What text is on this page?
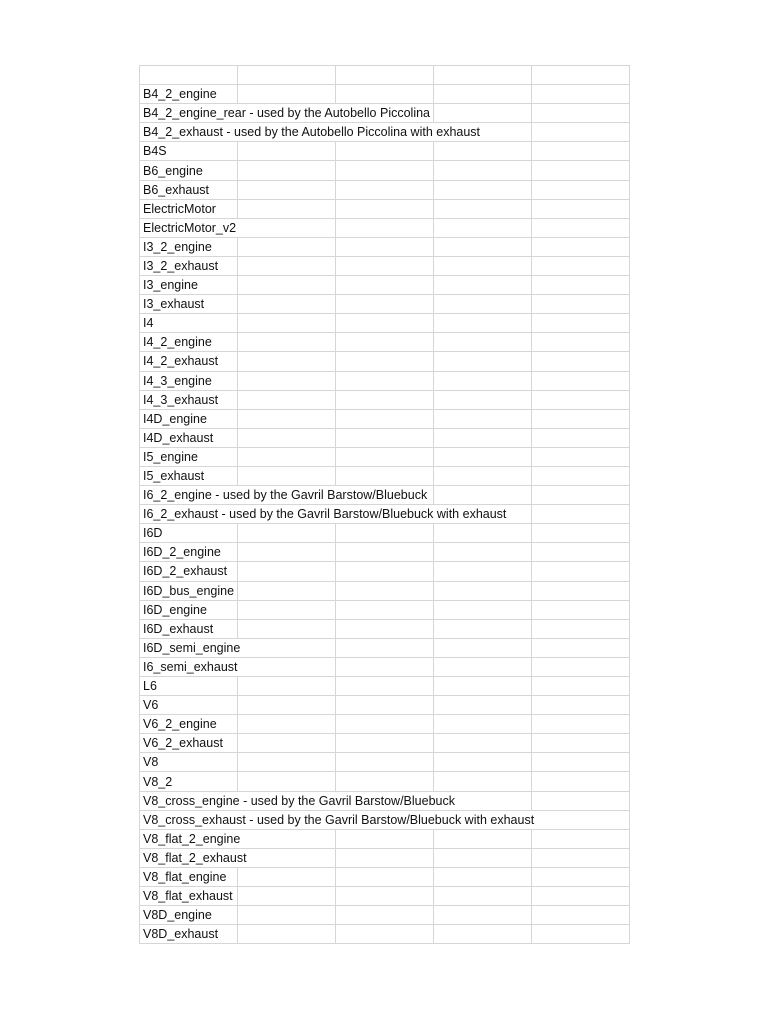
B4_2_engine				
B4_2_engine_rear - used by the Autobello Piccolina				
B4_2_exhaust - used by the Autobello Piccolina with exhaust				
B4S				
B6_engine				
B6_exhaust				
ElectricMotor				
ElectricMotor_v2				
I3_2_engine				
I3_2_exhaust				
I3_engine				
I3_exhaust				
I4				
I4_2_engine				
I4_2_exhaust				
I4_3_engine				
I4_3_exhaust				
I4D_engine				
I4D_exhaust				
I5_engine				
I5_exhaust				
I6_2_engine - used by the Gavril Barstow/Bluebuck				
I6_2_exhaust - used by the Gavril Barstow/Bluebuck with exhaust				
I6D				
I6D_2_engine				
I6D_2_exhaust				
I6D_bus_engine				
I6D_engine				
I6D_exhaust				
I6D_semi_engine				
I6_semi_exhaust				
L6				
V6				
V6_2_engine				
V6_2_exhaust				
V8				
V8_2				
V8_cross_engine - used by the Gavril Barstow/Bluebuck				
V8_cross_exhaust - used by the Gavril Barstow/Bluebuck with exhaust				
V8_flat_2_engine				
V8_flat_2_exhaust				
V8_flat_engine				
V8_flat_exhaust				
V8D_engine				
V8D_exhaust				
